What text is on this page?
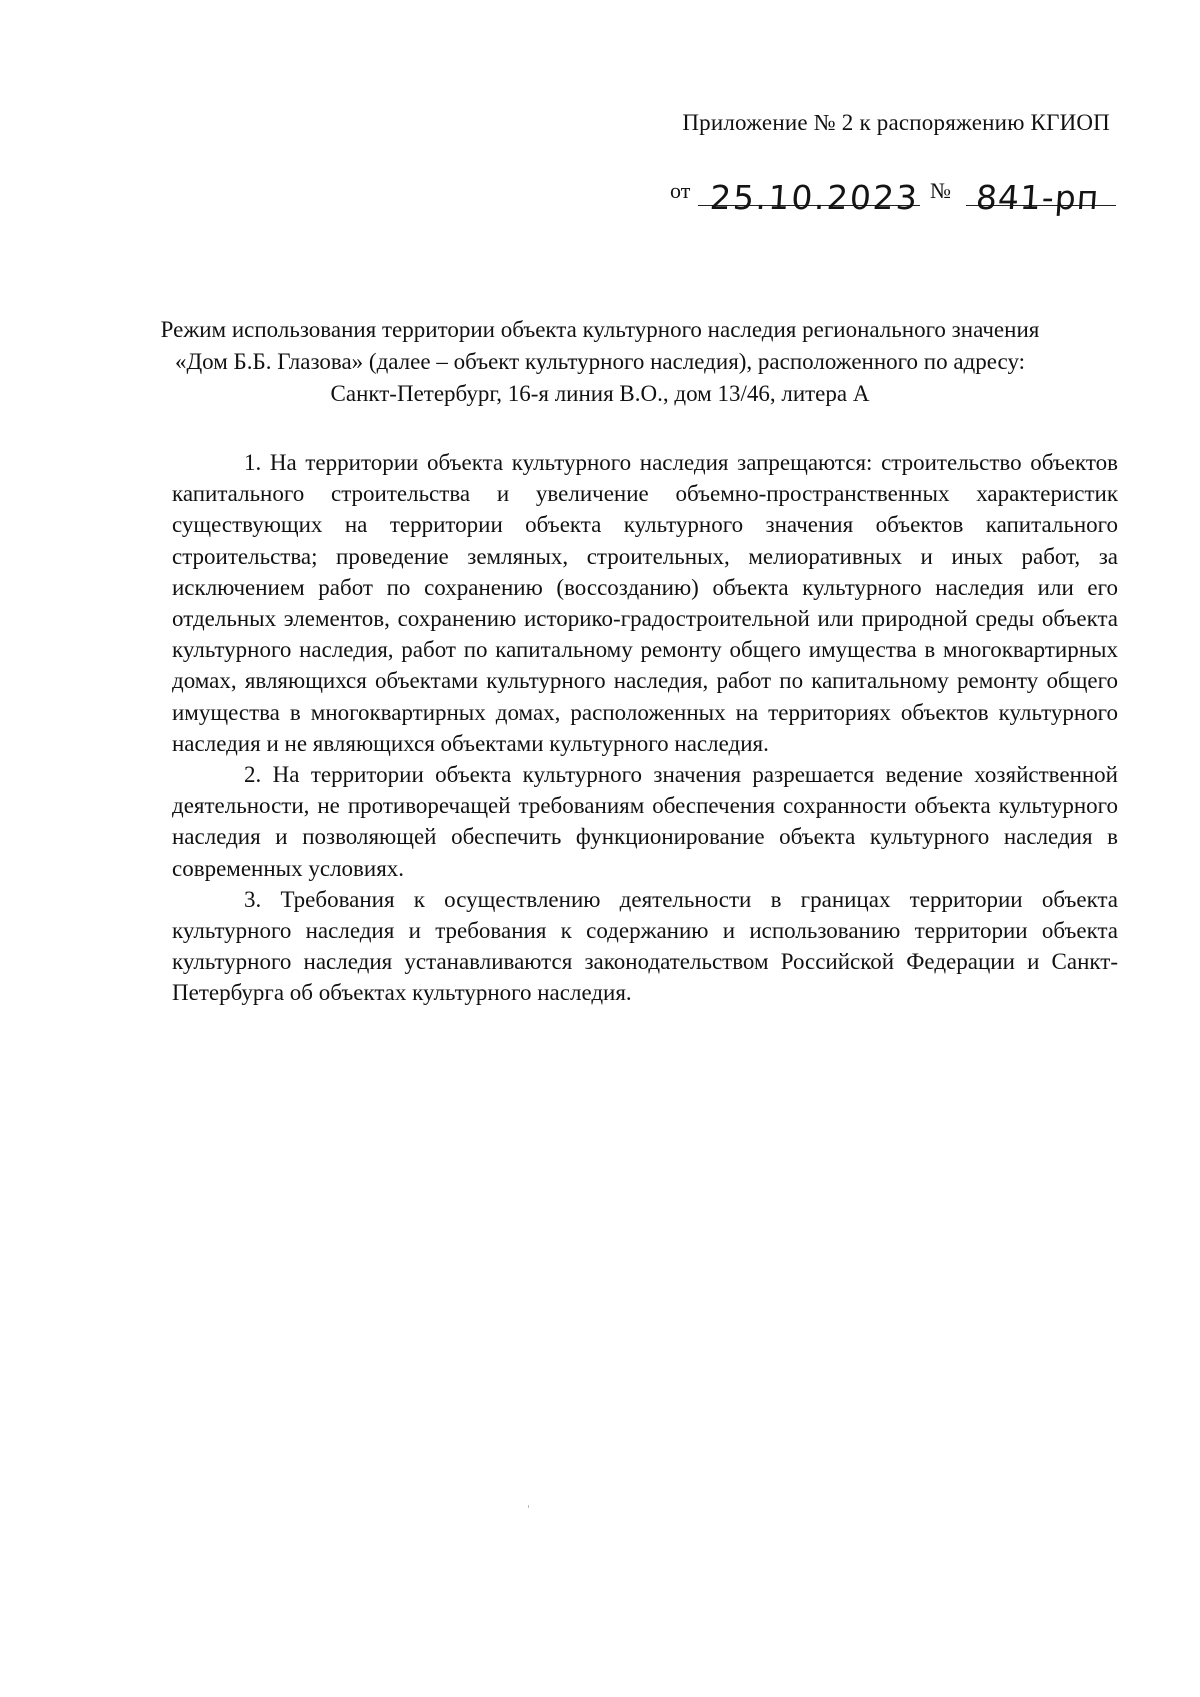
Приложение № 2 к распоряжению КГИОП
от 25.10.2023 № 841-рп
Режим использования территории объекта культурного наследия регионального значения
«Дом Б.Б. Глазова» (далее – объект культурного наследия), расположенного по адресу:
Санкт-Петербург, 16-я линия В.О., дом 13/46, литера А

1. На территории объекта культурного наследия запрещаются: строительство объектов капитального строительства и увеличение объемно-пространственных характеристик существующих на территории объекта культурного значения объектов капитального строительства; проведение земляных, строительных, мелиоративных и иных работ, за исключением работ по сохранению (воссозданию) объекта культурного наследия или его отдельных элементов, сохранению историко-градостроительной или природной среды объекта культурного наследия, работ по капитальному ремонту общего имущества в многоквартирных домах, являющихся объектами культурного наследия, работ по капитальному ремонту общего имущества в многоквартирных домах, расположенных на территориях объектов культурного наследия и не являющихся объектами культурного наследия.

2. На территории объекта культурного значения разрешается ведение хозяйственной деятельности, не противоречащей требованиям обеспечения сохранности объекта культурного наследия и позволяющей обеспечить функционирование объекта культурного наследия в современных условиях.

3. Требования к осуществлению деятельности в границах территории объекта культурного наследия и требования к содержанию и использованию территории объекта культурного наследия устанавливаются законодательством Российской Федерации и Санкт-Петербурга об объектах культурного наследия.
